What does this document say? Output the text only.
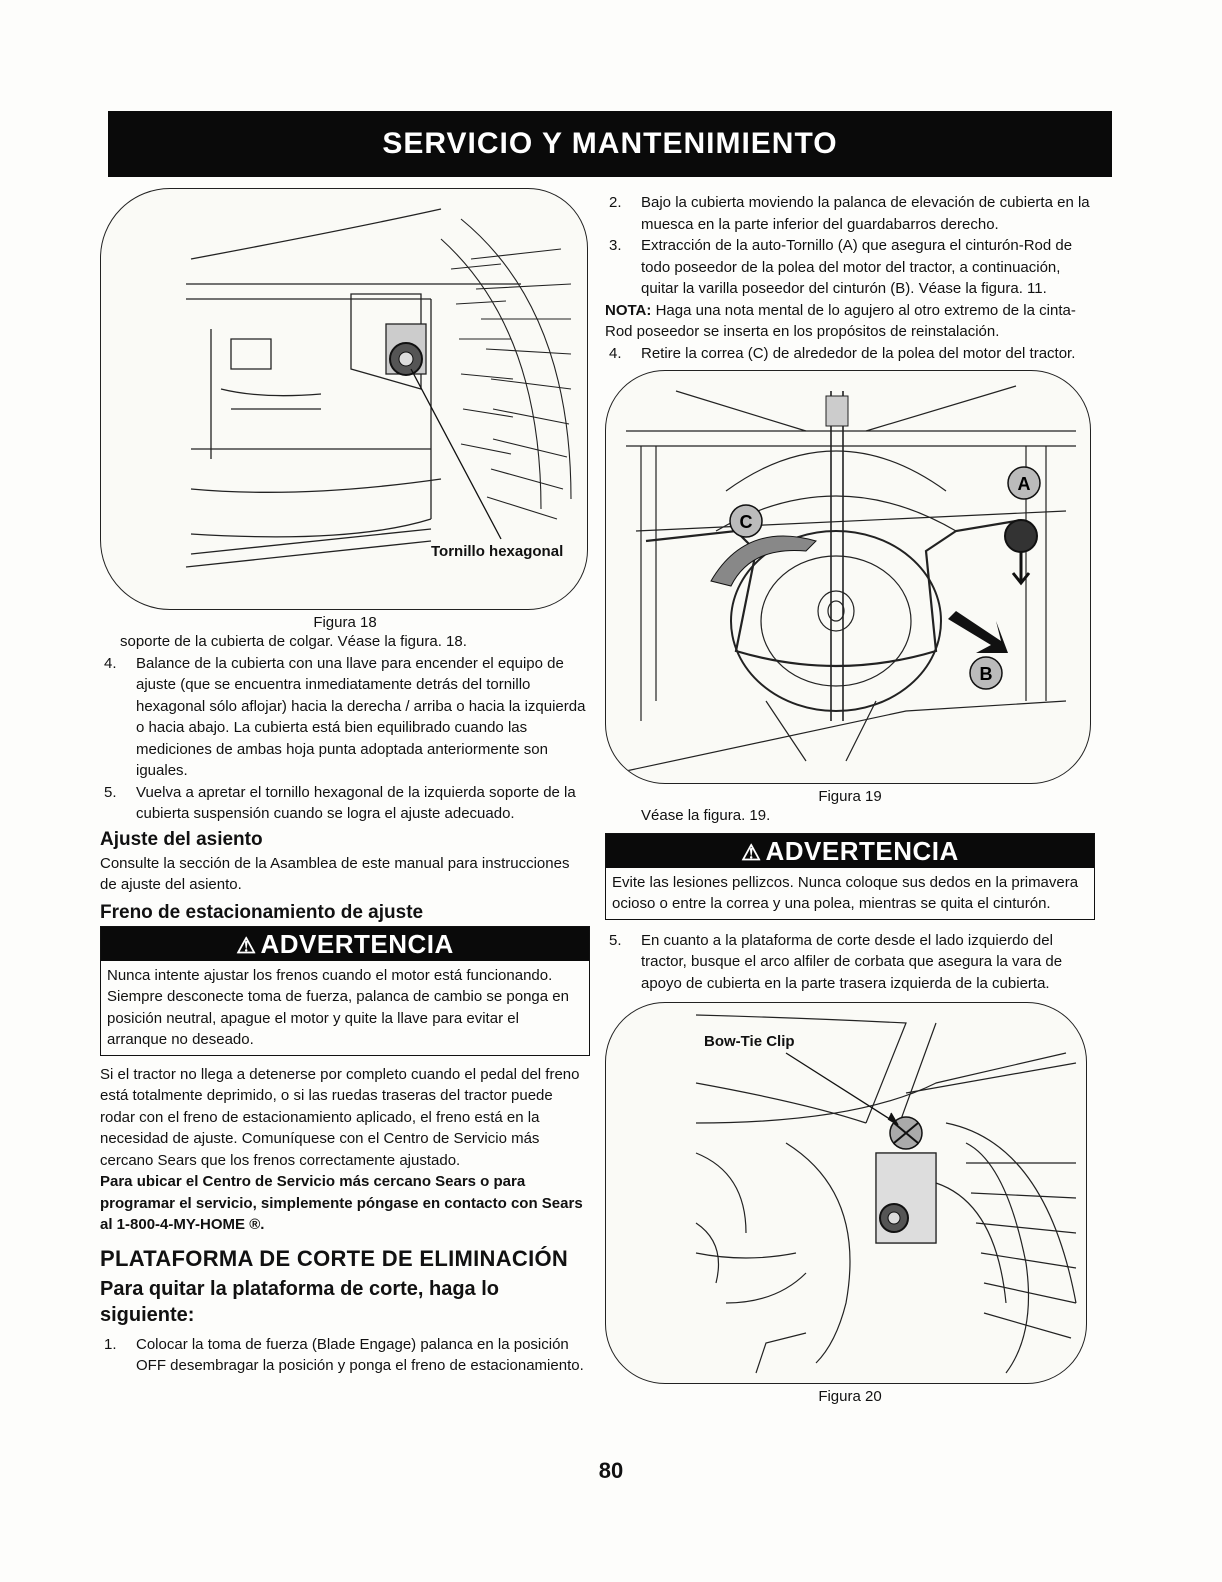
SERVICIO Y MANTENIMIENTO
Tornillo hexagonal
Figura 18

soporte de la cubierta de colgar. Véase la figura. 18.

4. Balance de la cubierta con una llave para encender el equipo de ajuste (que se encuentra inmediatamente detrás del tornillo hexagonal sólo aflojar) hacia la derecha / arriba o hacia la izquierda o hacia abajo. La cubierta está bien equilibrado cuando las mediciones de ambas hoja punta adoptada anteriormente son iguales.
5. Vuelva a apretar el tornillo hexagonal de la izquierda soporte de la cubierta suspensión cuando se logra el ajuste adecuado.
Ajuste del asiento

Consulte la sección de la Asamblea de este manual para instrucciones de ajuste del asiento.

Freno de estacionamiento de ajuste
⚠ ADVERTENCIA
Nunca intente ajustar los frenos cuando el motor está funcionando. Siempre desconecte toma de fuerza, palanca de cambio se ponga en posición neutral, apague el motor y quite la llave para evitar el arranque no deseado.

Si el tractor no llega a detenerse por completo cuando el pedal del freno está totalmente deprimido, o si las ruedas traseras del tractor puede rodar con el freno de estacionamiento aplicado, el freno está en la necesidad de ajuste. Comuníquese con el Centro de Servicio más cercano Sears que los frenos correctamente ajustado.

Para ubicar el Centro de Servicio más cercano Sears o para programar el servicio, simplemente póngase en contacto con Sears al 1-800-4-MY-HOME ®.

PLATAFORMA DE CORTE DE ELIMINACIÓN
Para quitar la plataforma de corte, haga lo siguiente:
1. Colocar la toma de fuerza (Blade Engage) palanca en la posición OFF desembragar la posición y ponga el freno de estacionamiento.
2. Bajo la cubierta moviendo la palanca de elevación de cubierta en la muesca en la parte inferior del guardabarros derecho.
3. Extracción de la auto-Tornillo (A) que asegura el cinturón-Rod de todo poseedor de la polea del motor del tractor, a continuación, quitar la varilla poseedor del cinturón (B). Véase la figura. 11.

NOTA: Haga una nota mental de lo agujero al otro extremo de la cinta-Rod poseedor se inserta en los propósitos de reinstalación.

4. Retire la correa (C) de alrededor de la polea del motor del tractor.
A
C
B
Figura 19

Véase la figura. 19.

⚠ ADVERTENCIA
Evite las lesiones pellizcos. Nunca coloque sus dedos en la primavera ocioso o entre la correa y una polea, mientras se quita el cinturón.
5. En cuanto a la plataforma de corte desde el lado izquierdo del tractor, busque el arco alfiler de corbata que asegura la vara de apoyo de cubierta en la parte trasera izquierda de la cubierta.
Bow-Tie Clip
Figura 20
80
